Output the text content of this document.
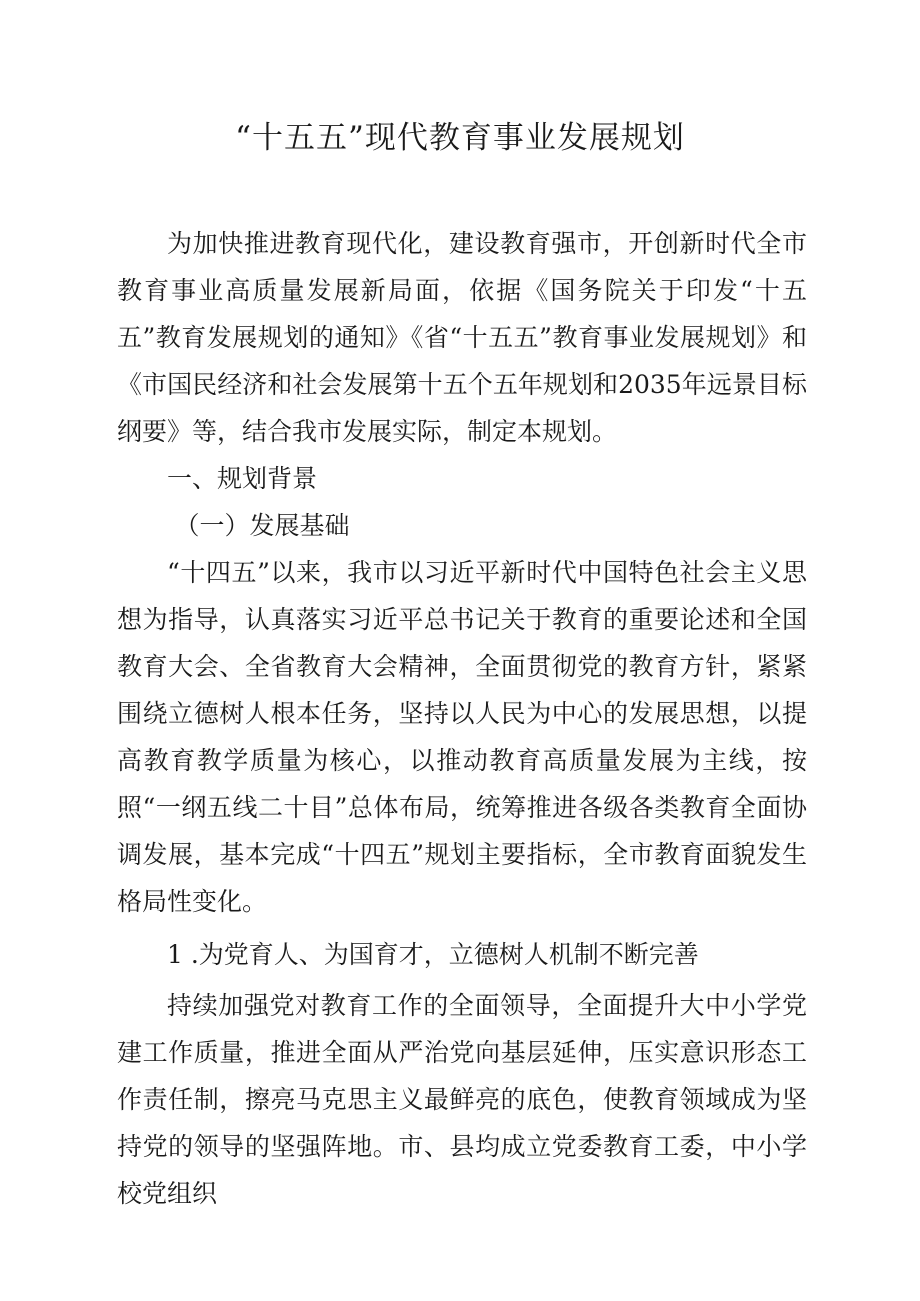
“十五五”现代教育事业发展规划

为加快推进教育现代化，建设教育强市，开创新时代全市教育事业高质量发展新局面，依据《国务院关于印发“十五五”教育发展规划的通知》《省“十五五”教育事业发展规划》和《市国民经济和社会发展第十五个五年规划和2035年远景目标纲要》等，结合我市发展实际，制定本规划。

一、规划背景

（一）发展基础

“十四五”以来，我市以习近平新时代中国特色社会主义思想为指导，认真落实习近平总书记关于教育的重要论述和全国教育大会、全省教育大会精神，全面贯彻党的教育方针，紧紧围绕立德树人根本任务，坚持以人民为中心的发展思想，以提高教育教学质量为核心，以推动教育高质量发展为主线，按照“一纲五线二十目”总体布局，统筹推进各级各类教育全面协调发展，基本完成“十四五”规划主要指标，全市教育面貌发生格局性变化。

1 .为党育人、为国育才，立德树人机制不断完善

持续加强党对教育工作的全面领导，全面提升大中小学党建工作质量，推进全面从严治党向基层延伸，压实意识形态工作责任制，擦亮马克思主义最鲜亮的底色，使教育领域成为坚持党的领导的坚强阵地。市、县均成立党委教育工委，中小学校党组织
